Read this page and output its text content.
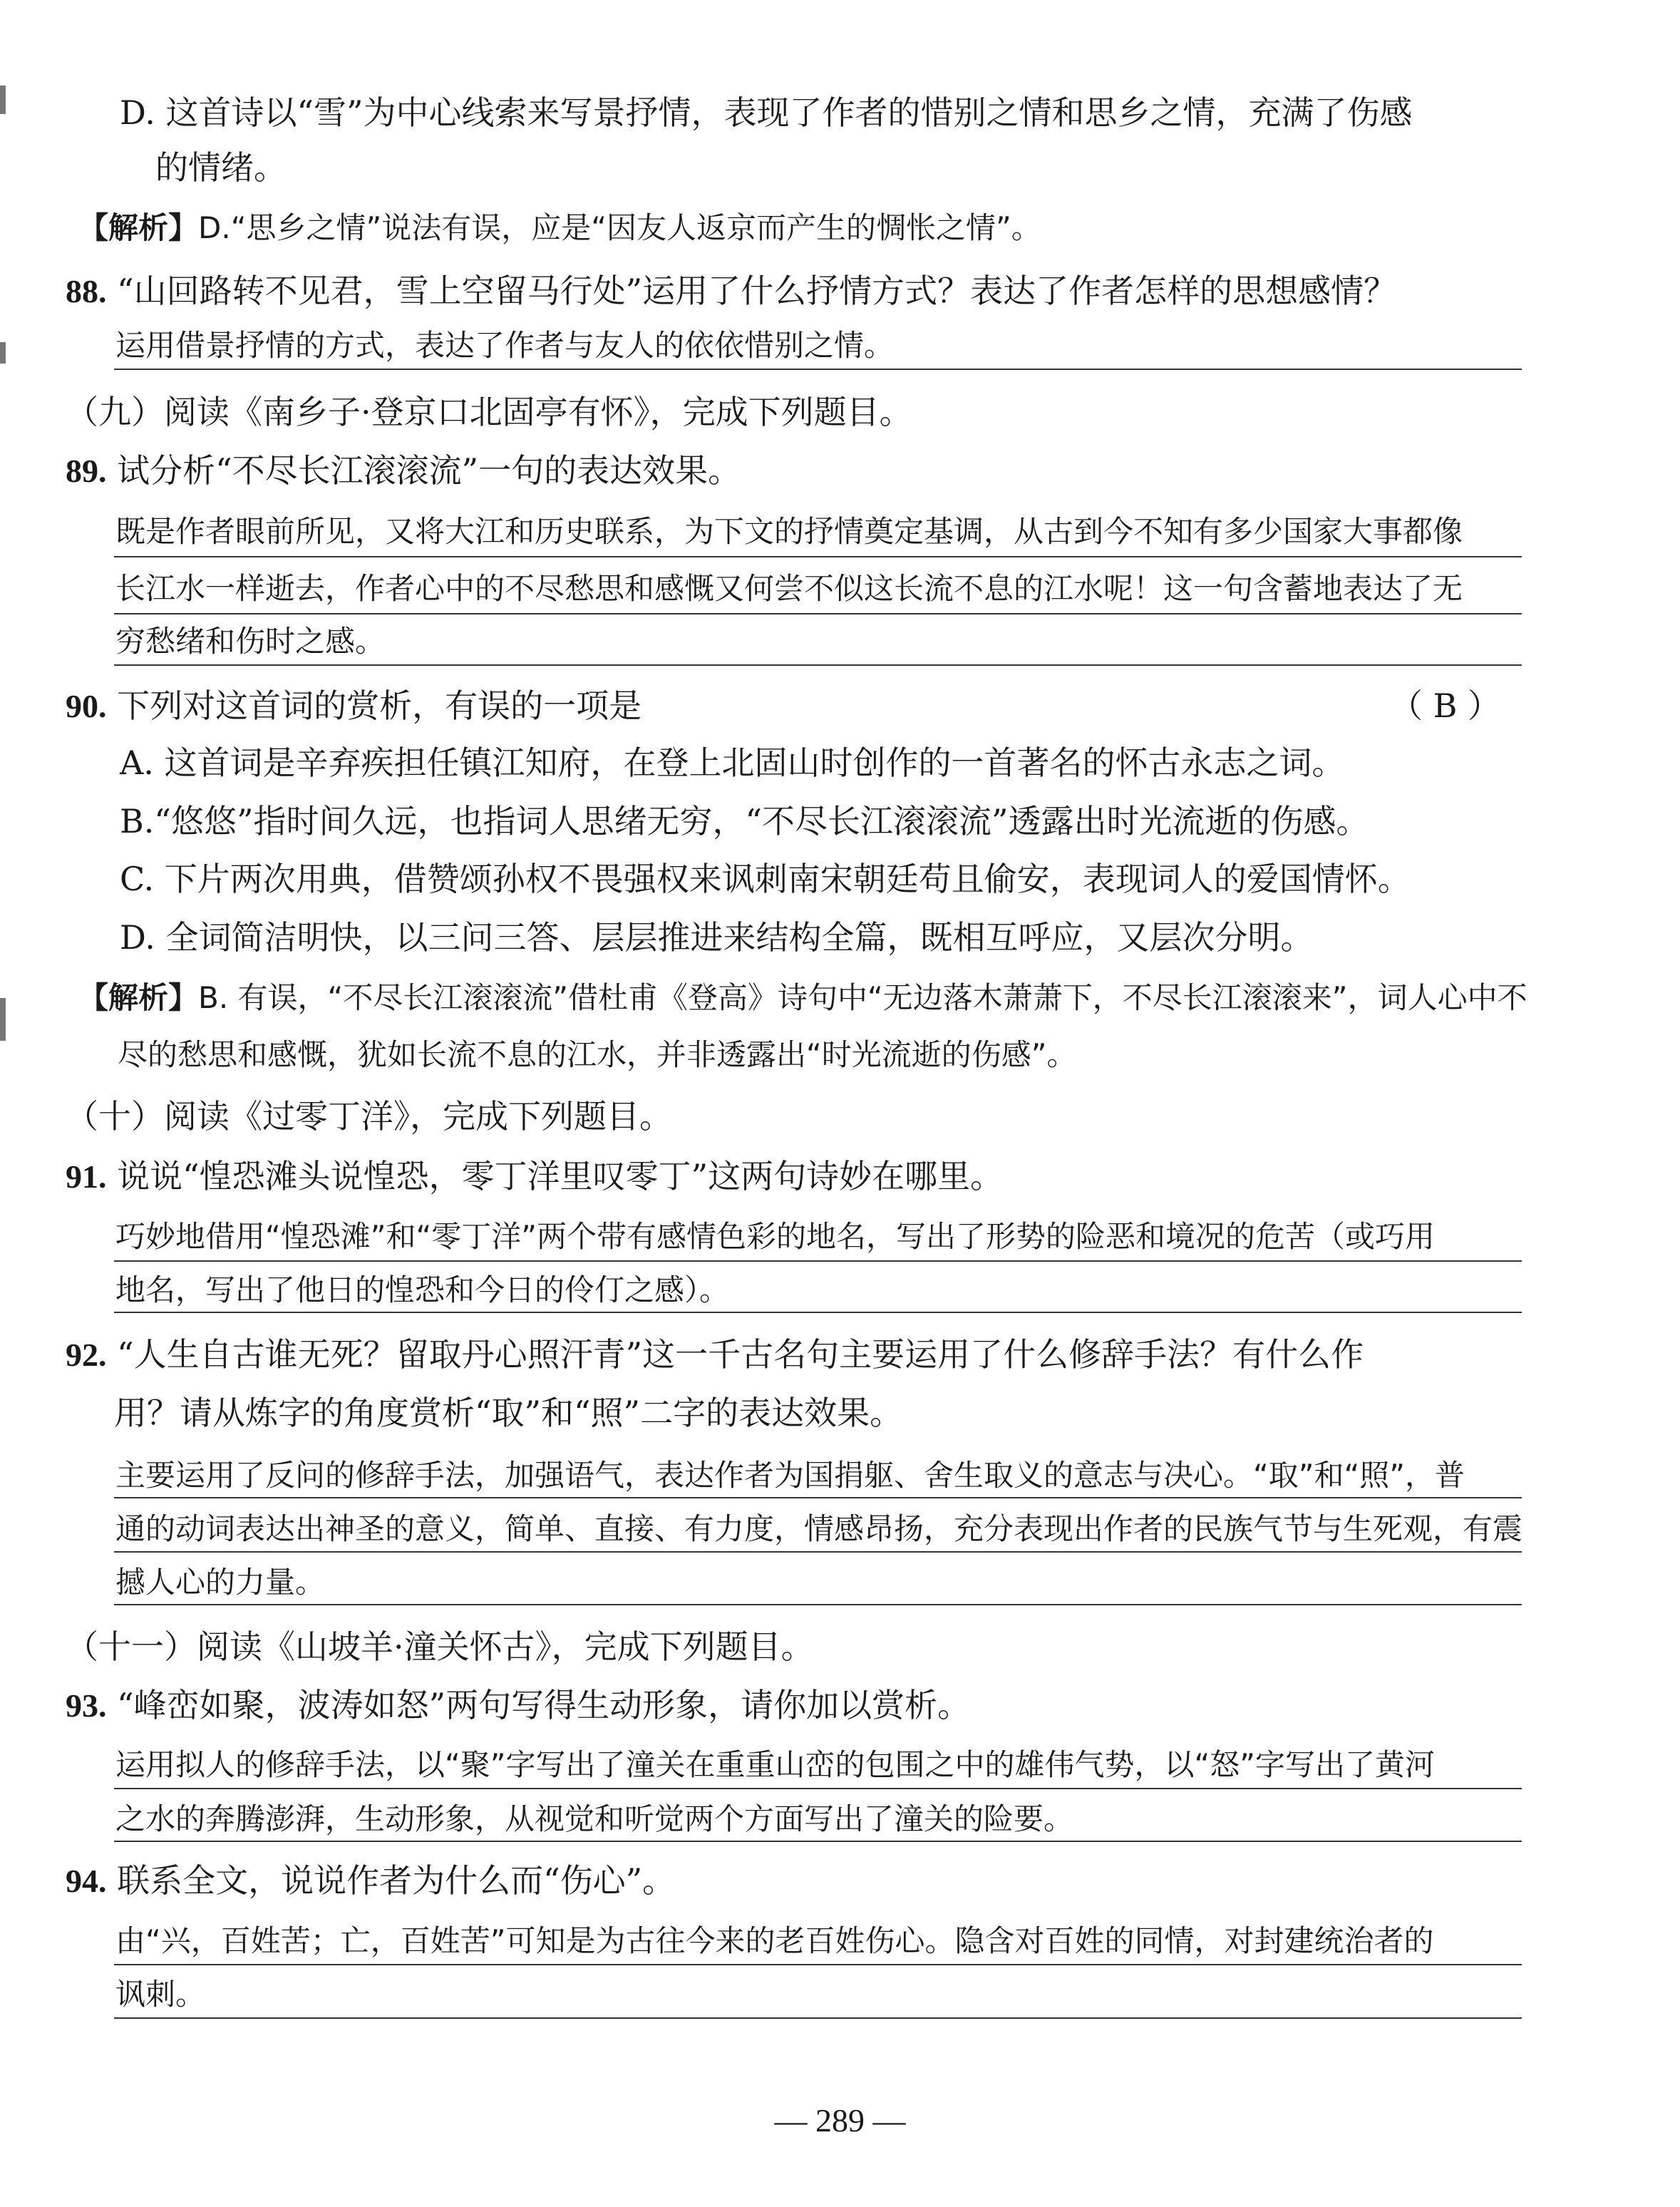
D. 这首诗以“雪”为中心线索来写景抒情，表现了作者的惜别之情和思乡之情，充满了伤感
的情绪。
【解析】D.“思乡之情”说法有误，应是“因友人返京而产生的惆怅之情”。
88. “山回路转不见君，雪上空留马行处”运用了什么抒情方式？表达了作者怎样的思想感情？
运用借景抒情的方式，表达了作者与友人的依依惜别之情。
（九）阅读《南乡子·登京口北固亭有怀》，完成下列题目。
89. 试分析“不尽长江滚滚流”一句的表达效果。
既是作者眼前所见，又将大江和历史联系，为下文的抒情奠定基调，从古到今不知有多少国家大事都像
长江水一样逝去，作者心中的不尽愁思和感慨又何尝不似这长流不息的江水呢！这一句含蓄地表达了无
穷愁绪和伤时之感。
90. 下列对这首词的赏析，有误的一项是	（ B ）
A. 这首词是辛弃疾担任镇江知府，在登上北固山时创作的一首著名的怀古永志之词。
B.“悠悠”指时间久远，也指词人思绪无穷，“不尽长江滚滚流”透露出时光流逝的伤感。
C. 下片两次用典，借赞颂孙权不畏强权来讽刺南宋朝廷苟且偷安，表现词人的爱国情怀。
D. 全词简洁明快，以三问三答、层层推进来结构全篇，既相互呼应，又层次分明。
【解析】B. 有误，“不尽长江滚滚流”借杜甫《登高》诗句中“无边落木萧萧下，不尽长江滚滚来”，词人心中不
尽的愁思和感慨，犹如长流不息的江水，并非透露出“时光流逝的伤感”。
（十）阅读《过零丁洋》，完成下列题目。
91. 说说“惶恐滩头说惶恐，零丁洋里叹零丁”这两句诗妙在哪里。
巧妙地借用“惶恐滩”和“零丁洋”两个带有感情色彩的地名，写出了形势的险恶和境况的危苦（或巧用
地名，写出了他日的惶恐和今日的伶仃之感）。
92. “人生自古谁无死？留取丹心照汗青”这一千古名句主要运用了什么修辞手法？有什么作
用？请从炼字的角度赏析“取”和“照”二字的表达效果。
主要运用了反问的修辞手法，加强语气，表达作者为国捐躯、舍生取义的意志与决心。“取”和“照”，普
通的动词表达出神圣的意义，简单、直接、有力度，情感昂扬，充分表现出作者的民族气节与生死观，有震
撼人心的力量。
（十一）阅读《山坡羊·潼关怀古》，完成下列题目。
93. “峰峦如聚，波涛如怒”两句写得生动形象，请你加以赏析。
运用拟人的修辞手法，以“聚”字写出了潼关在重重山峦的包围之中的雄伟气势，以“怒”字写出了黄河
之水的奔腾澎湃，生动形象，从视觉和听觉两个方面写出了潼关的险要。
94. 联系全文，说说作者为什么而“伤心”。
由“兴，百姓苦；亡，百姓苦”可知是为古往今来的老百姓伤心。隐含对百姓的同情，对封建统治者的
讽刺。
— 289 —
